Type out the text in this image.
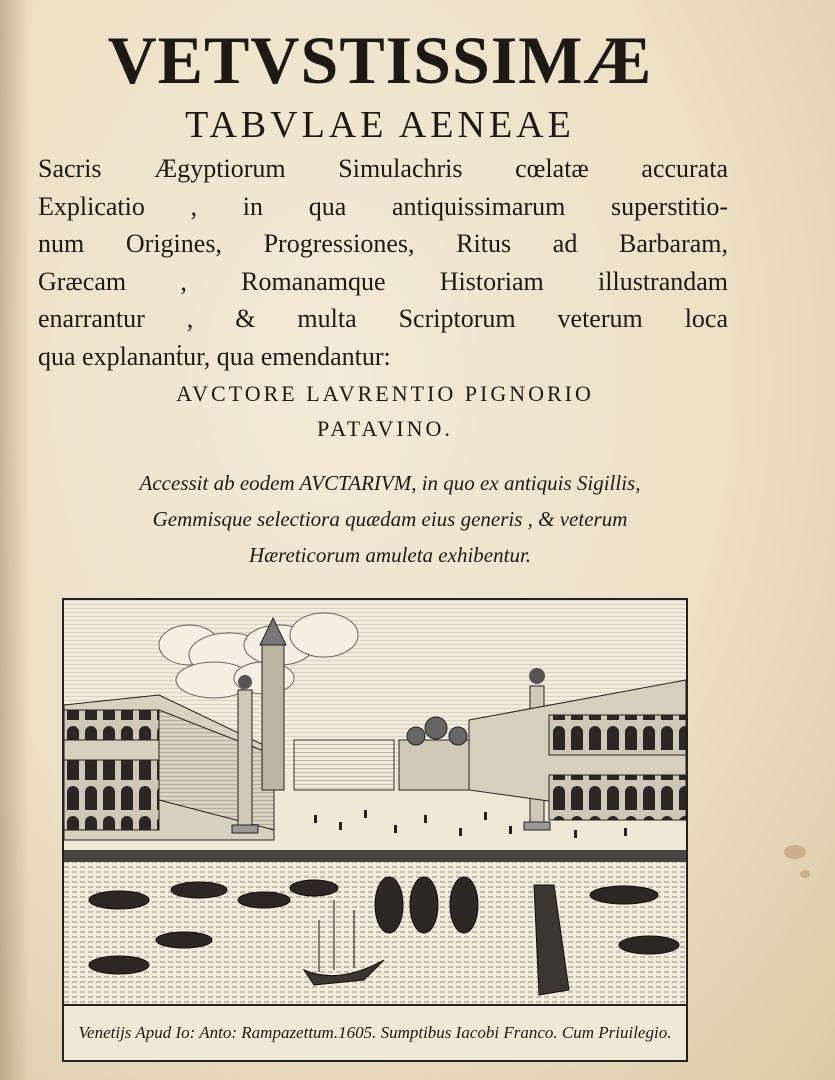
VETVSTISSIMÆ
TABVLAE AENEAE
Sacris Ægyptiorum Simulachris cœlatæ accurata
Explicatio , in qua antiquissimarum superstitio-
num Origines, Progressiones, Ritus ad Barbaram,
Græcam , Romanamque Historiam illustrandam
enarrantur , & multa Scriptorum veterum loca
qua explananṫur, qua emendantur:
AVCTORE LAVRENTIO PIGNORIO
PATAVINO.
Accessit ab eodem AVCTARIVM, in quo ex antiquis Sigillis,
Gemmisque selectiora quædam eius generis , & veterum
Hæreticorum amuleta exhibentur.
Venetijs Apud Io: Anto: Rampazettum.1605. Sumptibus Iacobi Franco. Cum Priuilegio.
